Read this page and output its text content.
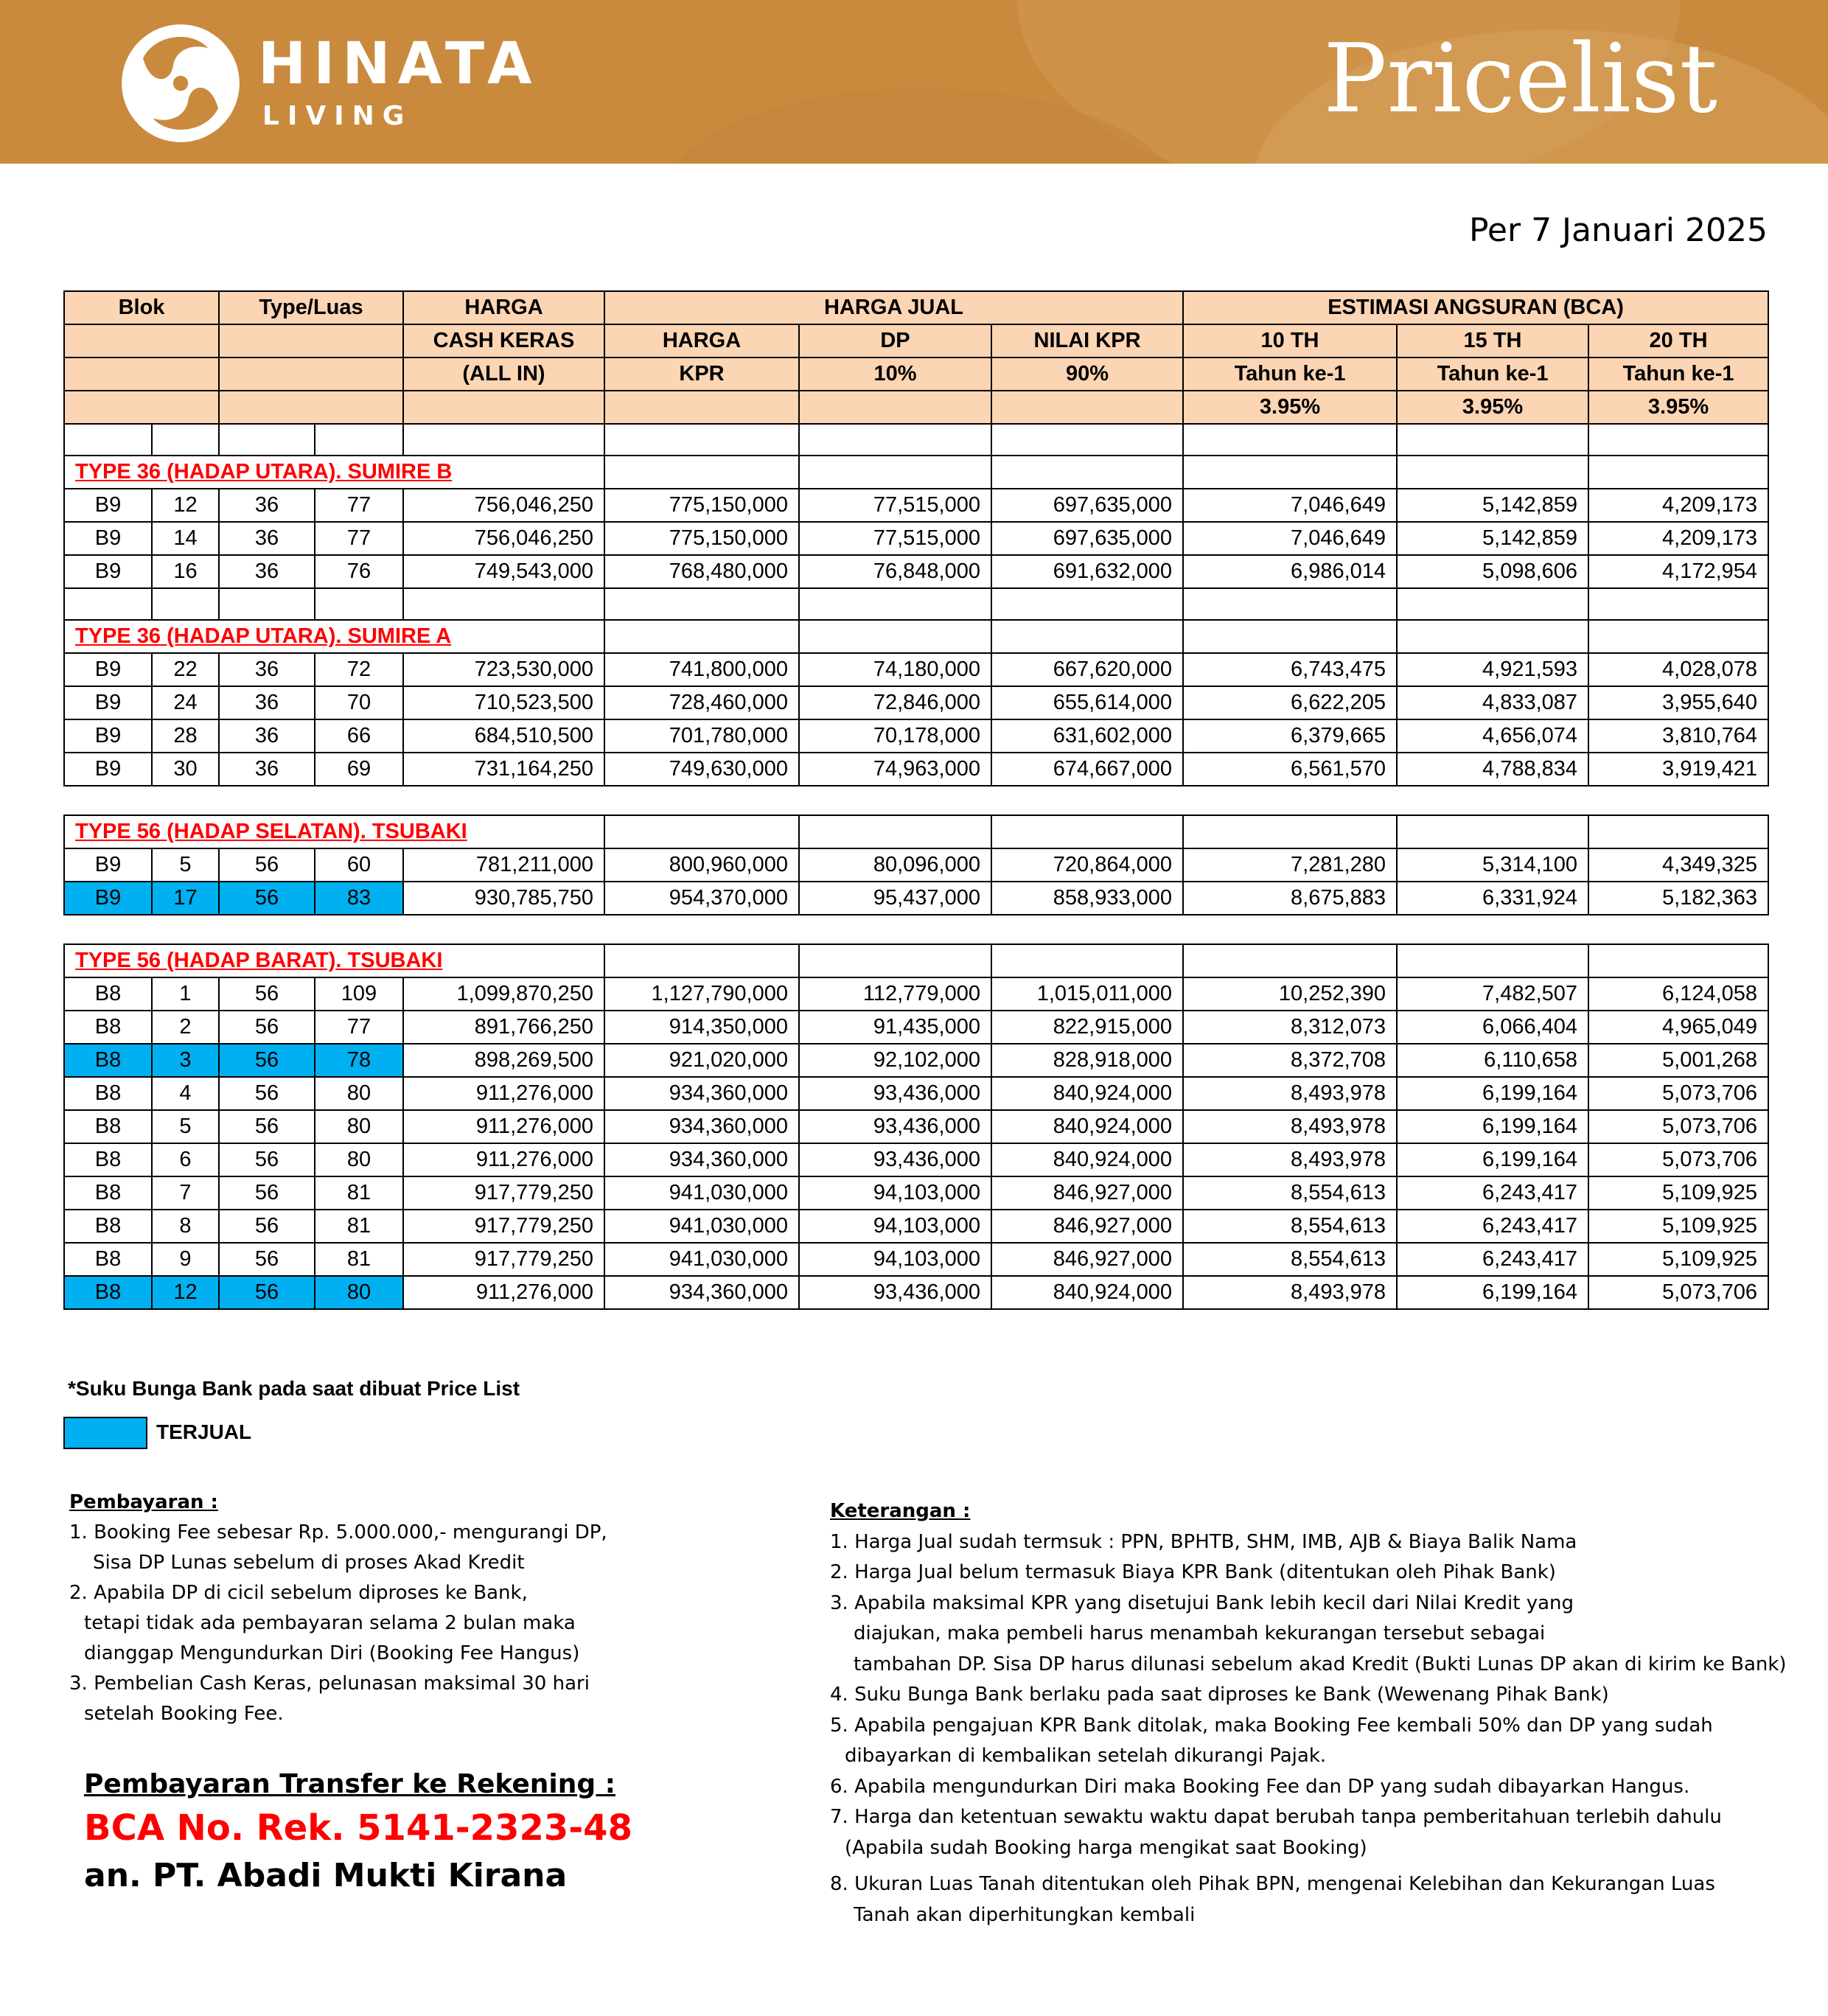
HINATA
LIVING	Pricelist
Per 7 Januari 2025
Blok		Type/Luas		HARGA	HARGA JUAL			ESTIMASI ANGSURAN (BCA)		
				CASH KERAS	HARGA	DP	NILAI KPR	10 TH	15 TH	20 TH
				(ALL IN)	KPR	10%	90%	Tahun ke-1	Tahun ke-1	Tahun ke-1
								3.95%	3.95%	3.95%

TYPE 36 (HADAP UTARA). SUMIRE B										
B9	12	36	77	756,046,250	775,150,000	77,515,000	697,635,000	7,046,649	5,142,859	4,209,173
B9	14	36	77	756,046,250	775,150,000	77,515,000	697,635,000	7,046,649	5,142,859	4,209,173
B9	16	36	76	749,543,000	768,480,000	76,848,000	691,632,000	6,986,014	5,098,606	4,172,954

TYPE 36 (HADAP UTARA). SUMIRE A										
B9	22	36	72	723,530,000	741,800,000	74,180,000	667,620,000	6,743,475	4,921,593	4,028,078
B9	24	36	70	710,523,500	728,460,000	72,846,000	655,614,000	6,622,205	4,833,087	3,955,640
B9	28	36	66	684,510,500	701,780,000	70,178,000	631,602,000	6,379,665	4,656,074	3,810,764
B9	30	36	69	731,164,250	749,630,000	74,963,000	674,667,000	6,561,570	4,788,834	3,919,421

TYPE 56 (HADAP SELATAN). TSUBAKI										
B9	5	56	60	781,211,000	800,960,000	80,096,000	720,864,000	7,281,280	5,314,100	4,349,325
B9	17	56	83	930,785,750	954,370,000	95,437,000	858,933,000	8,675,883	6,331,924	5,182,363

TYPE 56 (HADAP BARAT). TSUBAKI										
B8	1	56	109	1,099,870,250	1,127,790,000	112,779,000	1,015,011,000	10,252,390	7,482,507	6,124,058
B8	2	56	77	891,766,250	914,350,000	91,435,000	822,915,000	8,312,073	6,066,404	4,965,049
B8	3	56	78	898,269,500	921,020,000	92,102,000	828,918,000	8,372,708	6,110,658	5,001,268
B8	4	56	80	911,276,000	934,360,000	93,436,000	840,924,000	8,493,978	6,199,164	5,073,706
B8	5	56	80	911,276,000	934,360,000	93,436,000	840,924,000	8,493,978	6,199,164	5,073,706
B8	6	56	80	911,276,000	934,360,000	93,436,000	840,924,000	8,493,978	6,199,164	5,073,706
B8	7	56	81	917,779,250	941,030,000	94,103,000	846,927,000	8,554,613	6,243,417	5,109,925
B8	8	56	81	917,779,250	941,030,000	94,103,000	846,927,000	8,554,613	6,243,417	5,109,925
B8	9	56	81	917,779,250	941,030,000	94,103,000	846,927,000	8,554,613	6,243,417	5,109,925
B8	12	56	80	911,276,000	934,360,000	93,436,000	840,924,000	8,493,978	6,199,164	5,073,706
*Suku Bunga Bank pada saat dibuat Price List
TERJUAL
Pembayaran :
1. Booking Fee sebesar Rp. 5.000.000,- mengurangi DP,
Sisa DP Lunas sebelum di proses Akad Kredit
2. Apabila DP di cicil sebelum diproses ke Bank,
tetapi tidak ada pembayaran selama 2 bulan maka
dianggap Mengundurkan Diri (Booking Fee Hangus)
3. Pembelian Cash Keras, pelunasan maksimal 30 hari
setelah Booking Fee.
Pembayaran Transfer ke Rekening :
BCA No. Rek. 5141-2323-48
an. PT. Abadi Mukti Kirana
Keterangan :
1. Harga Jual sudah termsuk : PPN, BPHTB, SHM, IMB, AJB & Biaya Balik Nama
2. Harga Jual belum termasuk Biaya KPR Bank (ditentukan oleh Pihak Bank)
3. Apabila maksimal KPR yang disetujui Bank lebih kecil dari Nilai Kredit yang
diajukan, maka pembeli harus menambah kekurangan tersebut sebagai
tambahan DP. Sisa DP harus dilunasi sebelum akad Kredit (Bukti Lunas DP akan di kirim ke Bank)
4. Suku Bunga Bank berlaku pada saat diproses ke Bank (Wewenang Pihak Bank)
5. Apabila pengajuan KPR Bank ditolak, maka Booking Fee kembali 50% dan DP yang sudah
dibayarkan di kembalikan setelah dikurangi Pajak.
6. Apabila mengundurkan Diri maka Booking Fee dan DP yang sudah dibayarkan Hangus.
7. Harga dan ketentuan sewaktu waktu dapat berubah tanpa pemberitahuan terlebih dahulu
(Apabila sudah Booking harga mengikat saat Booking)
8. Ukuran Luas Tanah ditentukan oleh Pihak BPN, mengenai Kelebihan dan Kekurangan Luas
Tanah akan diperhitungkan kembali
